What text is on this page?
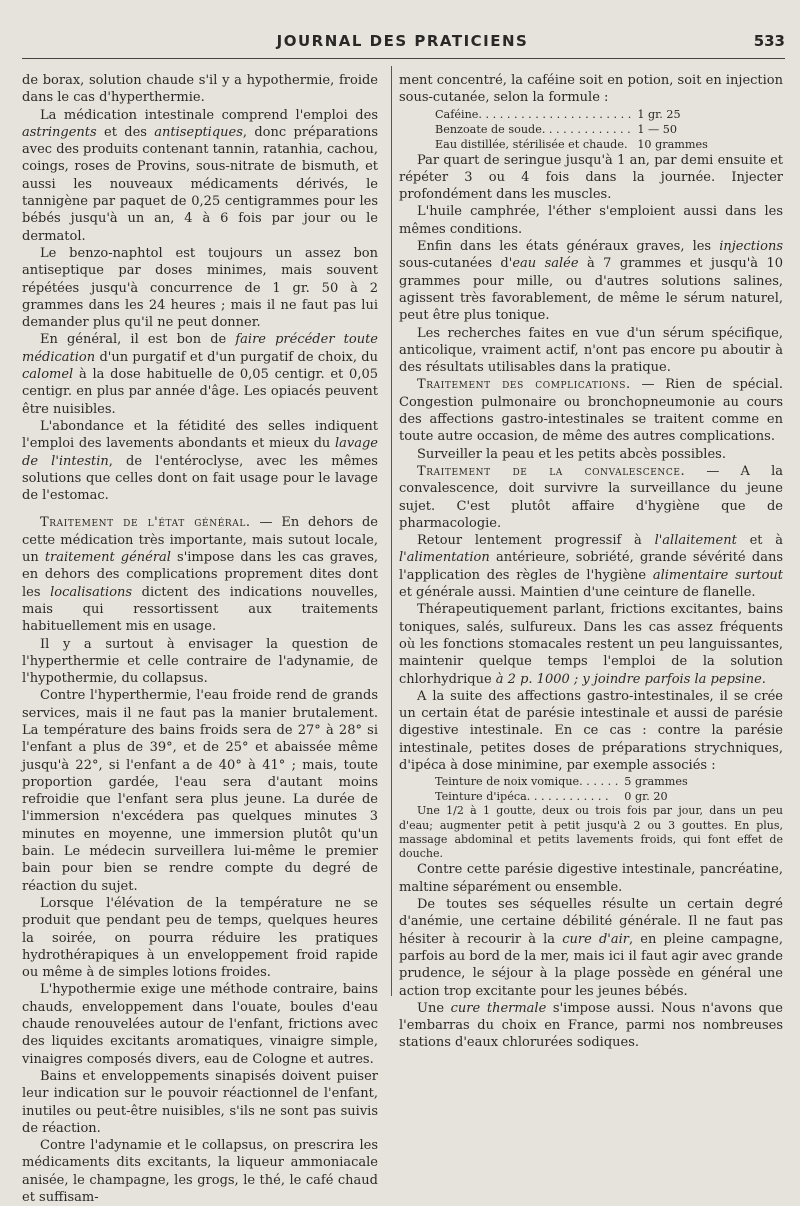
JOURNAL DES PRATICIENS	533

de borax, solution chaude s'il y a hypothermie, froide dans le cas d'hyperthermie.

La médication intestinale comprend l'emploi des astringents et des antiseptiques, donc préparations avec des produits contenant tannin, ratanhia, cachou, coings, roses de Provins, sous-nitrate de bismuth, et aussi les nouveaux médicaments dérivés, le tannigène par paquet de 0,25 centigrammes pour les bébés jusqu'à un an, 4 à 6 fois par jour ou le dermatol.

Le benzo-naphtol est toujours un assez bon antiseptique par doses minimes, mais souvent répétées jusqu'à concurrence de 1 gr. 50 à 2 grammes dans les 24 heures ; mais il ne faut pas lui demander plus qu'il ne peut donner.

En général, il est bon de faire précéder toute médication d'un purgatif et d'un purgatif de choix, du calomel à la dose habituelle de 0,05 centigr. et 0,05 centigr. en plus par année d'âge. Les opiacés peuvent être nuisibles.

L'abondance et la fétidité des selles indiquent l'emploi des lavements abondants et mieux du lavage de l'intestin, de l'entéroclyse, avec les mêmes solutions que celles dont on fait usage pour le lavage de l'estomac.

Traitement de l'état général. — En dehors de cette médication très importante, mais sutout locale, un traitement général s'impose dans les cas graves, en dehors des complications proprement dites dont les localisations dictent des indications nouvelles, mais qui ressortissent aux traitements habituellement mis en usage.

Il y a surtout à envisager la question de l'hyperthermie et celle contraire de l'adynamie, de l'hypothermie, du collapsus.

Contre l'hyperthermie, l'eau froide rend de grands services, mais il ne faut pas la manier brutalement. La température des bains froids sera de 27° à 28° si l'enfant a plus de 39°, et de 25° et abaissée même jusqu'à 22°, si l'enfant a de 40° à 41° ; mais, toute proportion gardée, l'eau sera d'autant moins refroidie que l'enfant sera plus jeune. La durée de l'immersion n'excédera pas quelques minutes 3 minutes en moyenne, une immersion plutôt qu'un bain. Le médecin surveillera lui-même le premier bain pour bien se rendre compte du degré de réaction du sujet.

Lorsque l'élévation de la température ne se produit que pendant peu de temps, quelques heures la soirée, on pourra réduire les pratiques hydrothérapiques à un enveloppement froid rapide ou même à de simples lotions froides.

L'hypothermie exige une méthode contraire, bains chauds, enveloppement dans l'ouate, boules d'eau chaude renouvelées autour de l'enfant, frictions avec des liquides excitants aromatiques, vinaigre simple, vinaigres composés divers, eau de Cologne et autres.

Bains et enveloppements sinapisés doivent puiser leur indication sur le pouvoir réactionnel de l'enfant, inutiles ou peut-être nuisibles, s'ils ne sont pas suivis de réaction.

Contre l'adynamie et le collapsus, on prescrira les médicaments dits excitants, la liqueur ammoniacale anisée, le champagne, les grogs, le thé, le café chaud et suffisam-

ment concentré, la caféine soit en potion, soit en injection sous-cutanée, selon la formule :

Caféine. . . . . . . . . . . . . . . . . . . . . .	1 gr. 25
Benzoate de soude. . . . . . . . . . . . .	1 — 50
Eau distillée, stérilisée et chaude.	10 grammes

Par quart de seringue jusqu'à 1 an, par demi ensuite et répéter 3 ou 4 fois dans la journée. Injecter profondément dans les muscles.

L'huile camphrée, l'éther s'emploient aussi dans les mêmes conditions.

Enfin dans les états généraux graves, les injections sous-cutanées d'eau salée à 7 grammes et jusqu'à 10 grammes pour mille, ou d'autres solutions salines, agissent très favorablement, de même le sérum naturel, peut être plus tonique.

Les recherches faites en vue d'un sérum spécifique, anticolique, vraiment actif, n'ont pas encore pu aboutir à des résultats utilisables dans la pratique.

Traitement des complications. — Rien de spécial. Congestion pulmonaire ou bronchopneumonie au cours des affections gastro-intestinales se traitent comme en toute autre occasion, de même des autres complications.

Surveiller la peau et les petits abcès possibles.

Traitement de la convalescence. — A la convalescence, doit survivre la surveillance du jeune sujet. C'est plutôt affaire d'hygiène que de pharmacologie.

Retour lentement progressif à l'allaitement et à l'alimentation antérieure, sobriété, grande sévérité dans l'application des règles de l'hygiène alimentaire surtout et générale aussi. Maintien d'une ceinture de flanelle.

Thérapeutiquement parlant, frictions excitantes, bains toniques, salés, sulfureux. Dans les cas assez fréquents où les fonctions stomacales restent un peu languissantes, maintenir quelque temps l'emploi de la solution chlorhydrique à 2 p. 1000 ; y joindre parfois la pepsine.

A la suite des affections gastro-intestinales, il se crée un certain état de parésie intestinale et aussi de parésie digestive intestinale. En ce cas : contre la parésie intestinale, petites doses de préparations strychniques, d'ipéca à dose minimine, par exemple associés :

Teinture de noix vomique. . . . . .	5 grammes
Teinture d'ipéca. . . . . . . . . . . .	0 gr. 20

Une 1/2 à 1 goutte, deux ou trois fois par jour, dans un peu d'eau; augmenter petit à petit jusqu'à 2 ou 3 gouttes. En plus, massage abdominal et petits lavements froids, qui font effet de douche.

Contre cette parésie digestive intestinale, pancréatine, maltine séparément ou ensemble.

De toutes ses séquelles résulte un certain degré d'anémie, une certaine débilité générale. Il ne faut pas hésiter à recourir à la cure d'air, en pleine campagne, parfois au bord de la mer, mais ici il faut agir avec grande prudence, le séjour à la plage possède en général une action trop excitante pour les jeunes bébés.

Une cure thermale s'impose aussi. Nous n'avons que l'embarras du choix en France, parmi nos nombreuses stations d'eaux chlorurées sodiques.
